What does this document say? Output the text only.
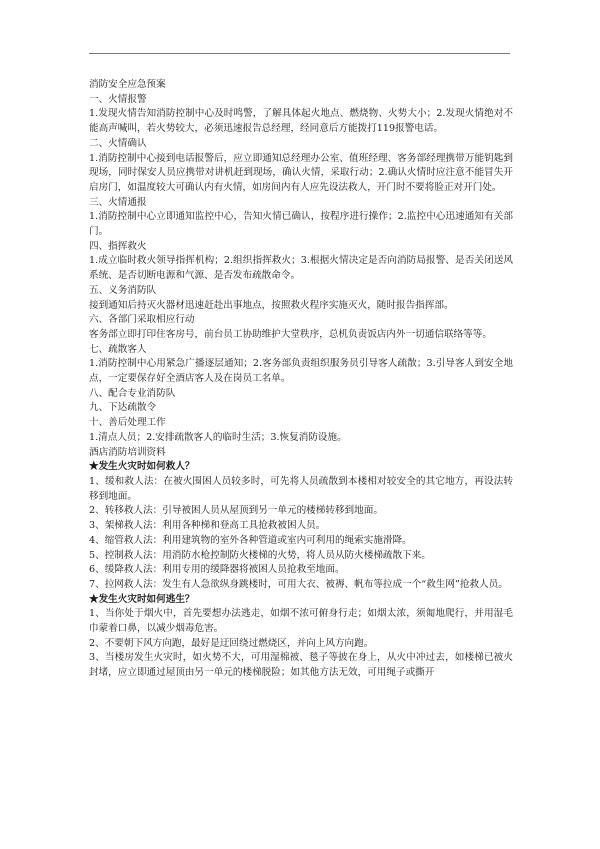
消防安全应急预案

一、火情报警

1.发现火情告知消防控制中心及时鸣警，了解具体起火地点、燃烧物、火势大小；2.发现火情绝对不能高声喊叫，若火势较大，必须迅速报告总经理，经同意后方能拨打119报警电话。

二、火情确认

1.消防控制中心接到电话报警后，应立即通知总经理办公室、值班经理、客务部经理携带万能钥匙到现场，同时保安人员应携带对讲机赶到现场，确认火情，采取行动；2.确认火情时应注意不能冒失开启房门，如温度较大可确认内有火情，如房间内有人应先设法救人，开门时不要将脸正对开门处。

三、火情通报

1.消防控制中心立即通知监控中心，告知火情已确认，按程序进行操作；2.监控中心迅速通知有关部门。

四、指挥救火

1.成立临时救火领导指挥机构；2.组织指挥救火；3.根据火情决定是否向消防局报警、是否关闭送风系统、是否切断电源和气源、是否发布疏散命令。

五、义务消防队

接到通知后持灭火器材迅速赶赴出事地点，按照救火程序实施灭火，随时报告指挥部。

六、各部门采取相应行动

客务部立即打印住客房号，前台员工协助维护大堂秩序，总机负责饭店内外一切通信联络等等。

七、疏散客人

1.消防控制中心用紧急广播逐层通知；2.客务部负责组织服务员引导客人疏散；3.引导客人到安全地点，一定要保存好全酒店客人及在岗员工名单。

八、配合专业消防队

九、下达疏散令

十、善后处理工作

1.清点人员；2.安排疏散客人的临时生活；3.恢复消防设施。

酒店消防培训资料

★发生火灾时如何救人？

1、缓和救人法：在被火围困人员较多时，可先将人员疏散到本楼相对较安全的其它地方，再设法转移到地面。

2、转移救人法：引导被困人员从屋顶到另一单元的楼梯转移到地面。

3、架梯救人法：利用各种梯和登高工具抢救被困人员。

4、缩管救人法：利用建筑物的室外各种管道或室内可利用的绳索实施滑降。

5、控制救人法：用消防水枪控制防火楼梯的火势，将人员从防火楼梯疏散下来。

6、缓降救人法：利用专用的缓降器将被困人员抢救至地面。

7、拉网救人法：发生有人急欲纵身跳楼时，可用大衣、被褥、帆布等拉成一个“救生网”抢救人员。

★发生火灾时如何逃生？

1、当你处于烟火中，首先要想办法逃走，如烟不浓可俯身行走；如烟太浓，须匍地爬行，并用湿毛巾蒙着口鼻，以减少烟毒危害。

2、不要朝下风方向跑，最好是迂回绕过燃烧区，并向上风方向跑。

3、当楼房发生火灾时，如火势不大，可用湿棉被、毯子等披在身上，从火中冲过去，如楼梯已被火封堵，应立即通过屋顶由另一单元的楼梯脱险；如其他方法无效，可用绳子或撕开
